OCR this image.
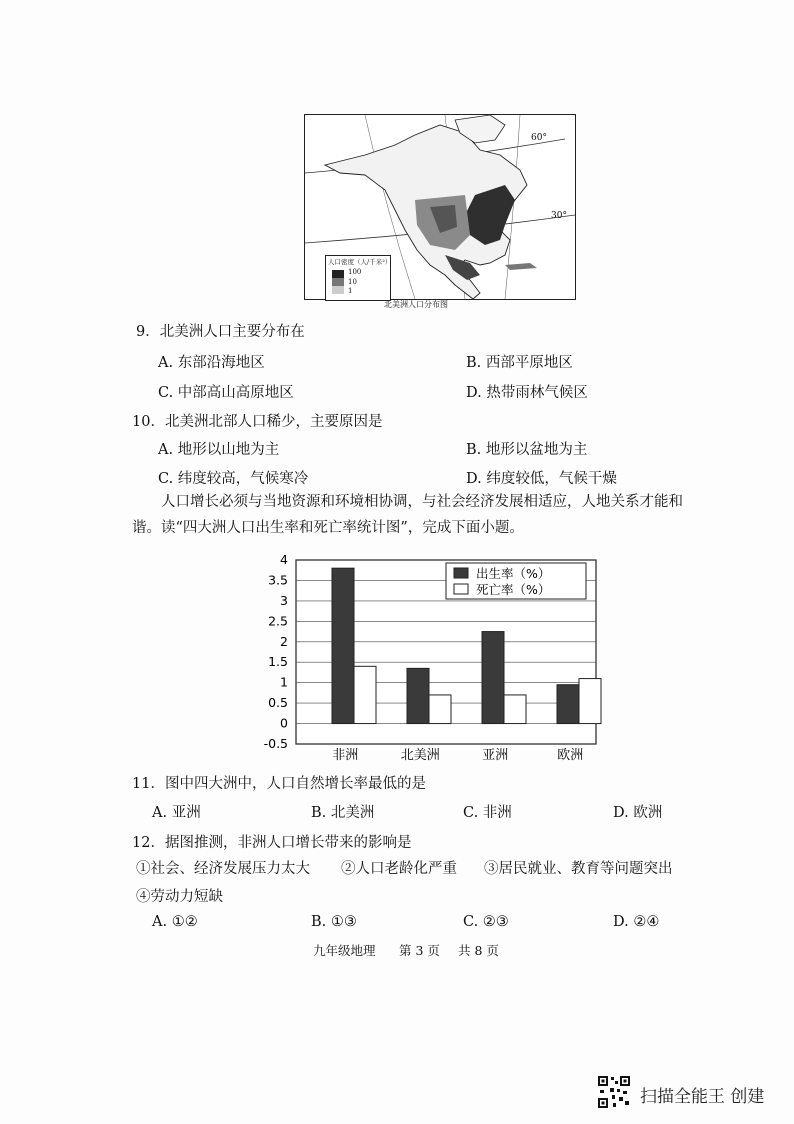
60°
30°
人口密度（人/千米²）
100
10
1
北美洲人口分布图
9．北美洲人口主要分布在
A. 东部沿海地区	B. 西部平原地区
C. 中部高山高原地区	D. 热带雨林气候区
10．北美洲北部人口稀少，主要原因是
A. 地形以山地为主	B. 地形以盆地为主
C. 纬度较高，气候寒冷	D. 纬度较低，气候干燥
人口增长必须与当地资源和环境相协调，与社会经济发展相适应，人地关系才能和谐。读“四大洲人口出生率和死亡率统计图”，完成下面小题。
4
3.5
3
2.5
2
1.5
1
0.5
0
-0.5
非洲	北美洲	亚洲	欧洲
出生率（%）
死亡率（%）
11．图中四大洲中，人口自然增长率最低的是
A. 亚洲	B. 北美洲	C. 非洲	D. 欧洲
12．据图推测，非洲人口增长带来的影响是
①社会、经济发展压力太大 ②人口老龄化严重 ③居民就业、教育等问题突出
④劳动力短缺
A. ①②	B. ①③	C. ②③	D. ②④
九年级地理 第 3 页 共 8 页
扫描全能王 创建
